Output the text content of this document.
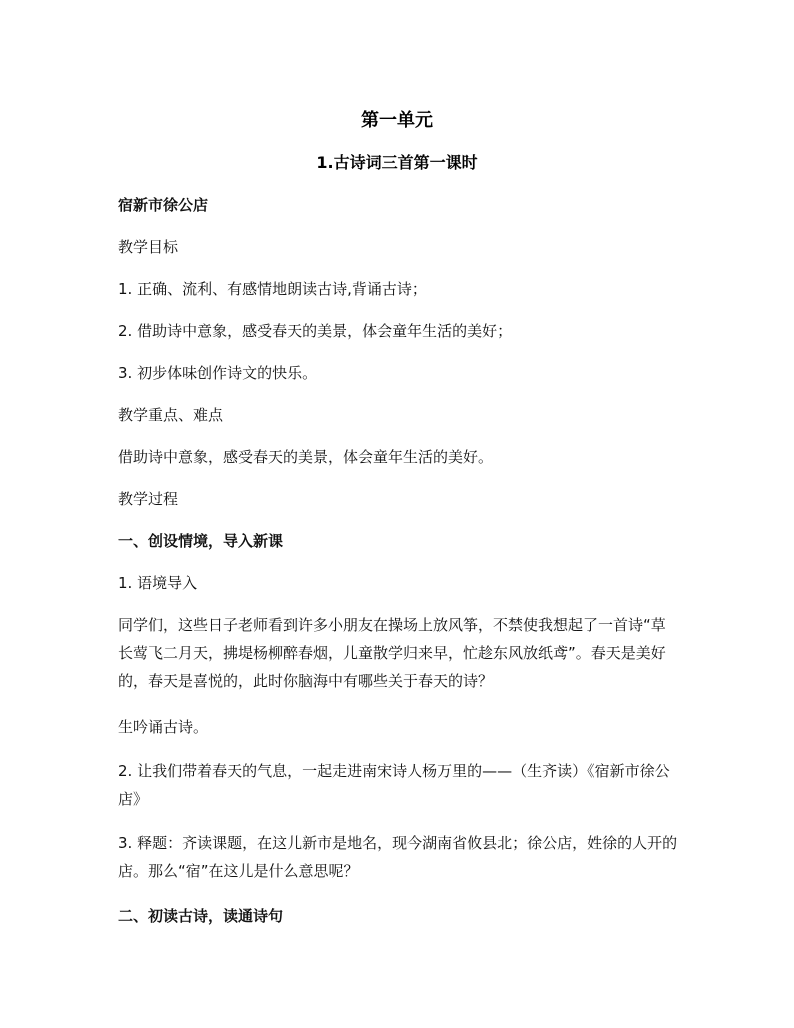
第一单元
1.古诗词三首第一课时
宿新市徐公店
教学目标
1. 正确、流利、有感情地朗读古诗,背诵古诗；
2. 借助诗中意象，感受春天的美景，体会童年生活的美好；
3. 初步体味创作诗文的快乐。
教学重点、难点
借助诗中意象，感受春天的美景，体会童年生活的美好。
教学过程
一、创设情境，导入新课
1. 语境导入
同学们，这些日子老师看到许多小朋友在操场上放风筝，不禁使我想起了一首诗“草长莺飞二月天，拂堤杨柳醉春烟，儿童散学归来早，忙趁东风放纸鸢”。春天是美好的，春天是喜悦的，此时你脑海中有哪些关于春天的诗？
生吟诵古诗。
2. 让我们带着春天的气息，一起走进南宋诗人杨万里的——（生齐读）《宿新市徐公店》
3. 释题：齐读课题，在这儿新市是地名，现今湖南省攸县北；徐公店，姓徐的人开的店。那么“宿”在这儿是什么意思呢？
二、初读古诗，读通诗句
